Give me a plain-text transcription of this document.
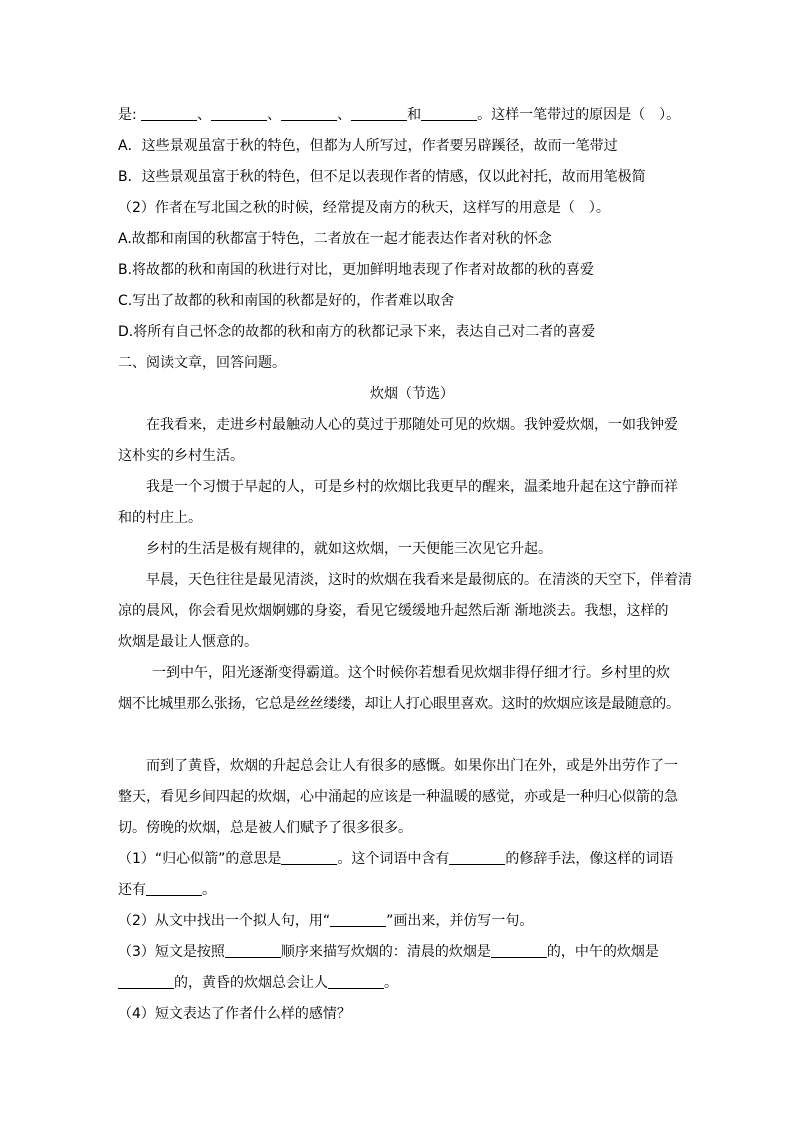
是:	、	、	、	和	。这样一笔带过的原因是（　）。
A．这些景观虽富于秋的特色，但都为人所写过，作者要另辟蹊径，故而一笔带过
B．这些景观虽富于秋的特色，但不足以表现作者的情感，仅以此衬托，故而用笔极简
（2）作者在写北国之秋的时候，经常提及南方的秋天，这样写的用意是（　）。
A.故都和南国的秋都富于特色，二者放在一起才能表达作者对秋的怀念
B.将故都的秋和南国的秋进行对比，更加鲜明地表现了作者对故都的秋的喜爱
C.写出了故都的秋和南国的秋都是好的，作者难以取舍
D.将所有自己怀念的故都的秋和南方的秋都记录下来，表达自己对二者的喜爱
二、阅读文章，回答问题。
炊烟（节选）
在我看来，走进乡村最触动人心的莫过于那随处可见的炊烟。我钟爱炊烟，一如我钟爱
这朴实的乡村生活。
我是一个习惯于早起的人，可是乡村的炊烟比我更早的醒来，温柔地升起在这宁静而祥
和的村庄上。
乡村的生活是极有规律的，就如这炊烟，一天便能三次见它升起。
早晨，天色往往是最见清淡，这时的炊烟在我看来是最彻底的。在清淡的天空下，伴着清
凉的晨风，你会看见炊烟婀娜的身姿，看见它缓缓地升起然后渐 渐地淡去。我想，这样的
炊烟是最让人惬意的。
一到中午，阳光逐渐变得霸道。这个时候你若想看见炊烟非得仔细才行。乡村里的炊
烟不比城里那么张扬，它总是丝丝缕缕，却让人打心眼里喜欢。这时的炊烟应该是最随意的。
而到了黄昏，炊烟的升起总会让人有很多的感慨。如果你出门在外，或是外出劳作了一
整天，看见乡间四起的炊烟，心中涌起的应该是一种温暖的感觉，亦或是一种归心似箭的急
切。傍晚的炊烟，总是被人们赋予了很多很多。
（1）“归心似箭”的意思是	。这个词语中含有	的修辞手法，像这样的词语
还有	。
（2）从文中找出一个拟人句，用“	”画出来，并仿写一句。
（3）短文是按照	顺序来描写炊烟的：清晨的炊烟是	的，中午的炊烟是
的，黄昏的炊烟总会让人	。
（4）短文表达了作者什么样的感情？
